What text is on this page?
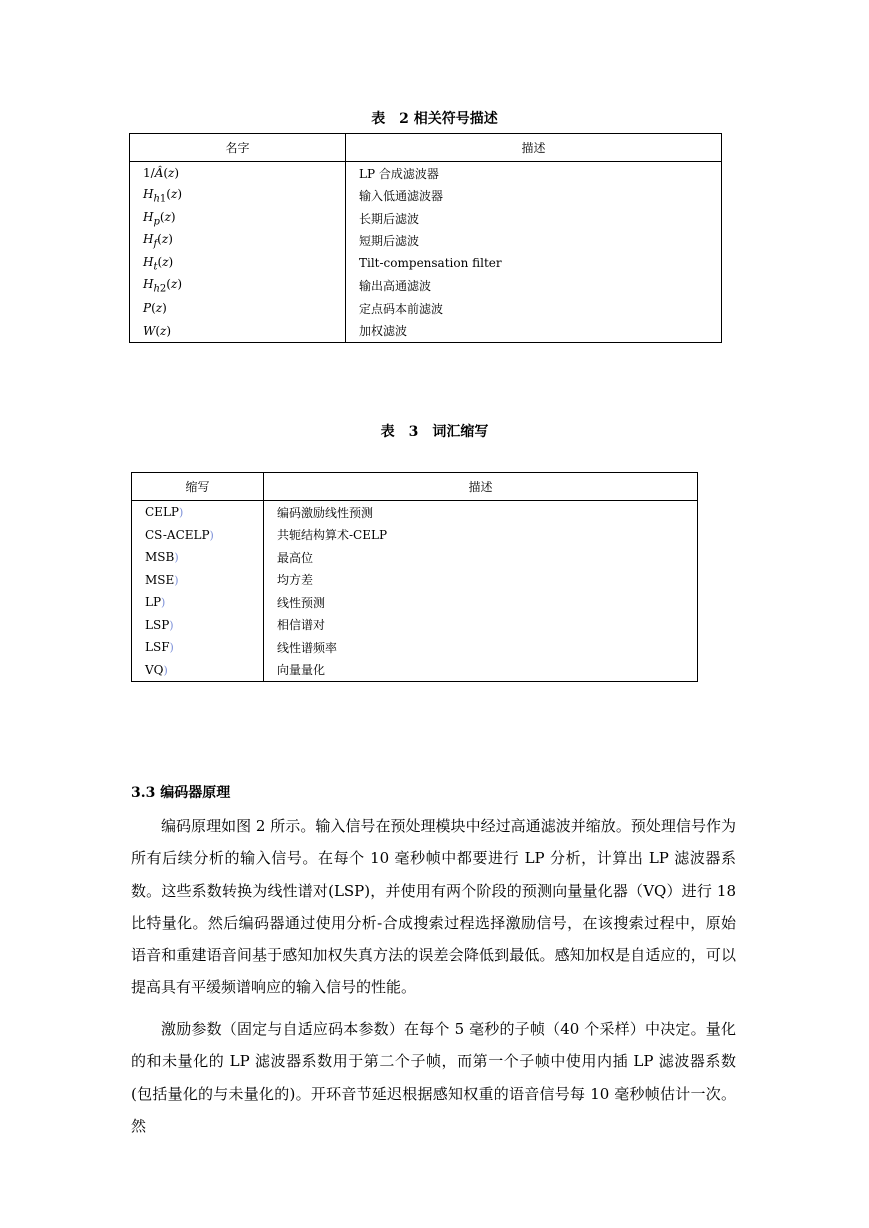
表　2 相关符号描述
名字	描述
1/Â(z)	LP 合成滤波器
$H_{h1}(z)$	输入低通滤波器
$H_p(z)$	长期后滤波
$H_f(z)$	短期后滤波
$H_t(z)$	Tilt-compensation filter
$H_{h2}(z)$	输出高通滤波
P(z)	定点码本前滤波
W(z)	加权滤波
表　3　词汇缩写
缩写	描述
CELP)	编码激励线性预测
CS-ACELP)	共轭结构算术-CELP
MSB)	最高位
MSE)	均方差
LP)	线性预测
LSP)	相信谱对
LSF)	线性谱频率
VQ)	向量量化
3.3 编码器原理

编码原理如图 2 所示。输入信号在预处理模块中经过高通滤波并缩放。预处理信号作为所有后续分析的输入信号。在每个 10 毫秒帧中都要进行 LP 分析，计算出 LP 滤波器系数。这些系数转换为线性谱对(LSP)，并使用有两个阶段的预测向量量化器（VQ）进行 18 比特量化。然后编码器通过使用分析-合成搜索过程选择激励信号，在该搜索过程中，原始语音和重建语音间基于感知加权失真方法的误差会降低到最低。感知加权是自适应的，可以提高具有平缓频谱响应的输入信号的性能。

激励参数（固定与自适应码本参数）在每个 5 毫秒的子帧（40 个采样）中决定。量化的和未量化的 LP 滤波器系数用于第二个子帧，而第一个子帧中使用内插 LP 滤波器系数(包括量化的与未量化的)。开环音节延迟根据感知权重的语音信号每 10 毫秒帧估计一次。然
